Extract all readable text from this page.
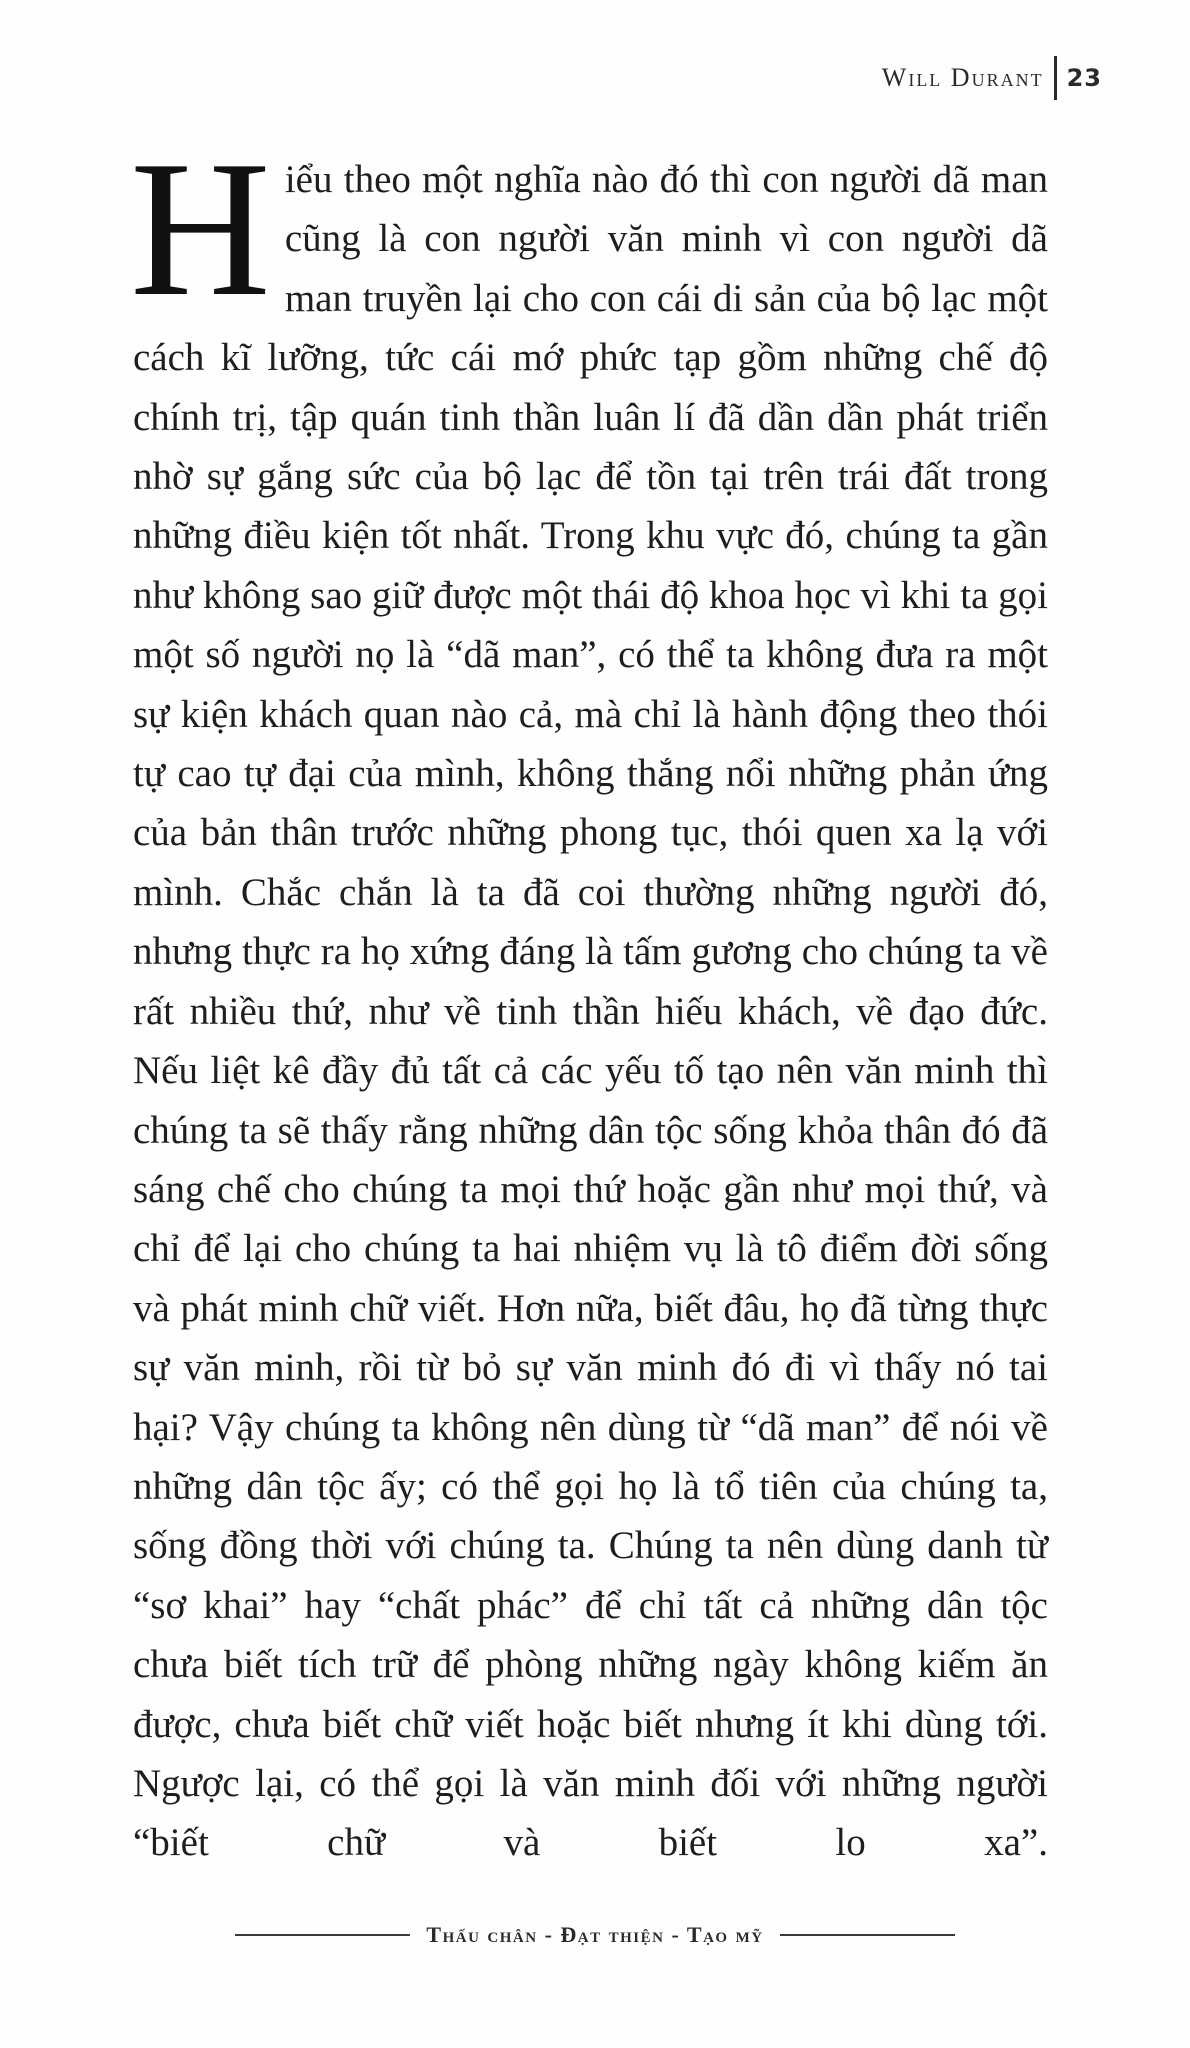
Will Durant 23

Hiểu theo một nghĩa nào đó thì con người dã man cũng là con người văn minh vì con người dã man truyền lại cho con cái di sản của bộ lạc một cách kĩ lưỡng, tức cái mớ phức tạp gồm những chế độ chính trị, tập quán tinh thần luân lí đã dần dần phát triển nhờ sự gắng sức của bộ lạc để tồn tại trên trái đất trong những điều kiện tốt nhất. Trong khu vực đó, chúng ta gần như không sao giữ được một thái độ khoa học vì khi ta gọi một số người nọ là “dã man”, có thể ta không đưa ra một sự kiện khách quan nào cả, mà chỉ là hành động theo thói tự cao tự đại của mình, không thắng nổi những phản ứng của bản thân trước những phong tục, thói quen xa lạ với mình. Chắc chắn là ta đã coi thường những người đó, nhưng thực ra họ xứng đáng là tấm gương cho chúng ta về rất nhiều thứ, như về tinh thần hiếu khách, về đạo đức. Nếu liệt kê đầy đủ tất cả các yếu tố tạo nên văn minh thì chúng ta sẽ thấy rằng những dân tộc sống khỏa thân đó đã sáng chế cho chúng ta mọi thứ hoặc gần như mọi thứ, và chỉ để lại cho chúng ta hai nhiệm vụ là tô điểm đời sống và phát minh chữ viết. Hơn nữa, biết đâu, họ đã từng thực sự văn minh, rồi từ bỏ sự văn minh đó đi vì thấy nó tai hại? Vậy chúng ta không nên dùng từ “dã man” để nói về những dân tộc ấy; có thể gọi họ là tổ tiên của chúng ta, sống đồng thời với chúng ta. Chúng ta nên dùng danh từ “sơ khai” hay “chất phác” để chỉ tất cả những dân tộc chưa biết tích trữ để phòng những ngày không kiếm ăn được, chưa biết chữ viết hoặc biết nhưng ít khi dùng tới. Ngược lại, có thể gọi là văn minh đối với những người “biết chữ và biết lo xa”.

Thấu chân - Đạt thiện - Tạo mỹ
